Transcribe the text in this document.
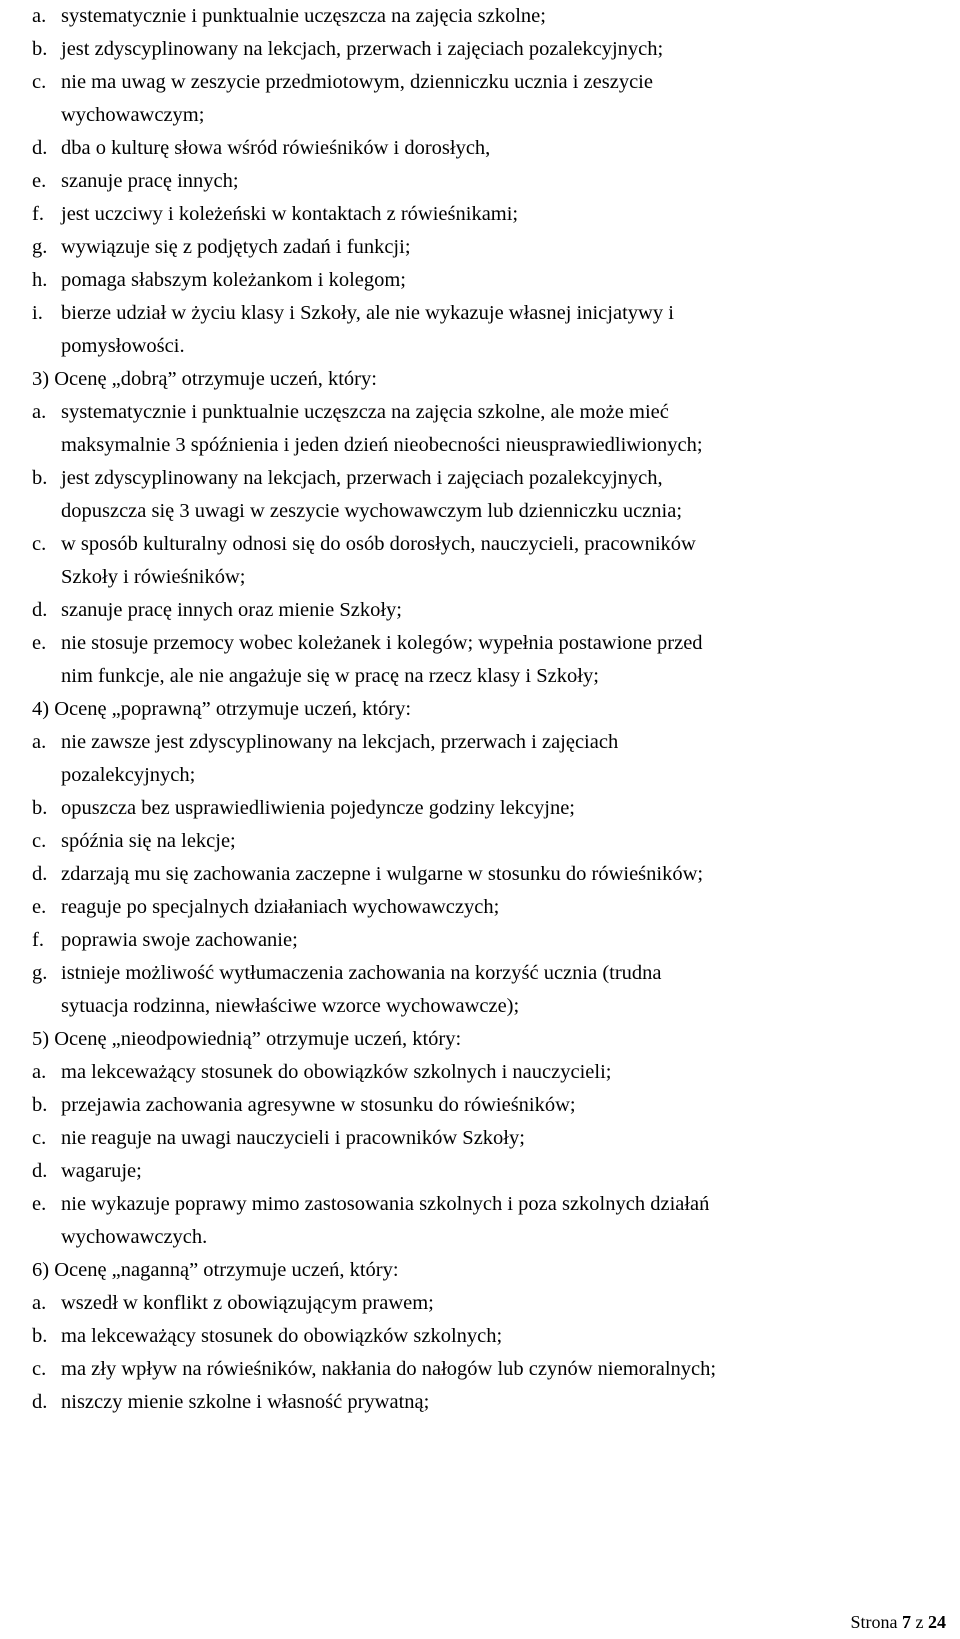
a. systematycznie i punktualnie uczęszcza na zajęcia szkolne;
b. jest zdyscyplinowany na lekcjach, przerwach i zajęciach pozalekcyjnych;
c. nie ma uwag w zeszycie przedmiotowym, dzienniczku ucznia i zeszycie
wychowawczym;
d. dba o kulturę słowa wśród rówieśników i dorosłych,
e. szanuje pracę innych;
f. jest uczciwy i koleżeński w kontaktach z rówieśnikami;
g. wywiązuje się z podjętych zadań i funkcji;
h. pomaga słabszym koleżankom i kolegom;
i. bierze udział w życiu klasy i Szkoły, ale nie wykazuje własnej inicjatywy i
pomysłowości.
3) Ocenę „dobrą” otrzymuje uczeń, który:
a. systematycznie i punktualnie uczęszcza na zajęcia szkolne, ale może mieć
maksymalnie 3 spóźnienia i jeden dzień nieobecności nieusprawiedliwionych;
b. jest zdyscyplinowany na lekcjach, przerwach i zajęciach pozalekcyjnych,
dopuszcza się 3 uwagi w zeszycie wychowawczym lub dzienniczku ucznia;
c. w sposób kulturalny odnosi się do osób dorosłych, nauczycieli, pracowników
Szkoły i rówieśników;
d. szanuje pracę innych oraz mienie Szkoły;
e. nie stosuje przemocy wobec koleżanek i kolegów; wypełnia postawione przed
nim funkcje, ale nie angażuje się w pracę na rzecz klasy i Szkoły;
4) Ocenę „poprawną” otrzymuje uczeń, który:
a. nie zawsze jest zdyscyplinowany na lekcjach, przerwach i zajęciach
pozalekcyjnych;
b. opuszcza bez usprawiedliwienia pojedyncze godziny lekcyjne;
c. spóźnia się na lekcje;
d. zdarzają mu się zachowania zaczepne i wulgarne w stosunku do rówieśników;
e. reaguje po specjalnych działaniach wychowawczych;
f. poprawia swoje zachowanie;
g. istnieje możliwość wytłumaczenia zachowania na korzyść ucznia (trudna
sytuacja rodzinna, niewłaściwe wzorce wychowawcze);
5) Ocenę „nieodpowiednią” otrzymuje uczeń, który:
a. ma lekceważący stosunek do obowiązków szkolnych i nauczycieli;
b. przejawia zachowania agresywne w stosunku do rówieśników;
c. nie reaguje na uwagi nauczycieli i pracowników Szkoły;
d. wagaruje;
e. nie wykazuje poprawy mimo zastosowania szkolnych i poza szkolnych działań
wychowawczych.
6) Ocenę „naganną” otrzymuje uczeń, który:
a. wszedł w konflikt z obowiązującym prawem;
b. ma lekceważący stosunek do obowiązków szkolnych;
c. ma zły wpływ na rówieśników, nakłania do nałogów lub czynów niemoralnych;
d. niszczy mienie szkolne i własność prywatną;
Strona 7 z 24
